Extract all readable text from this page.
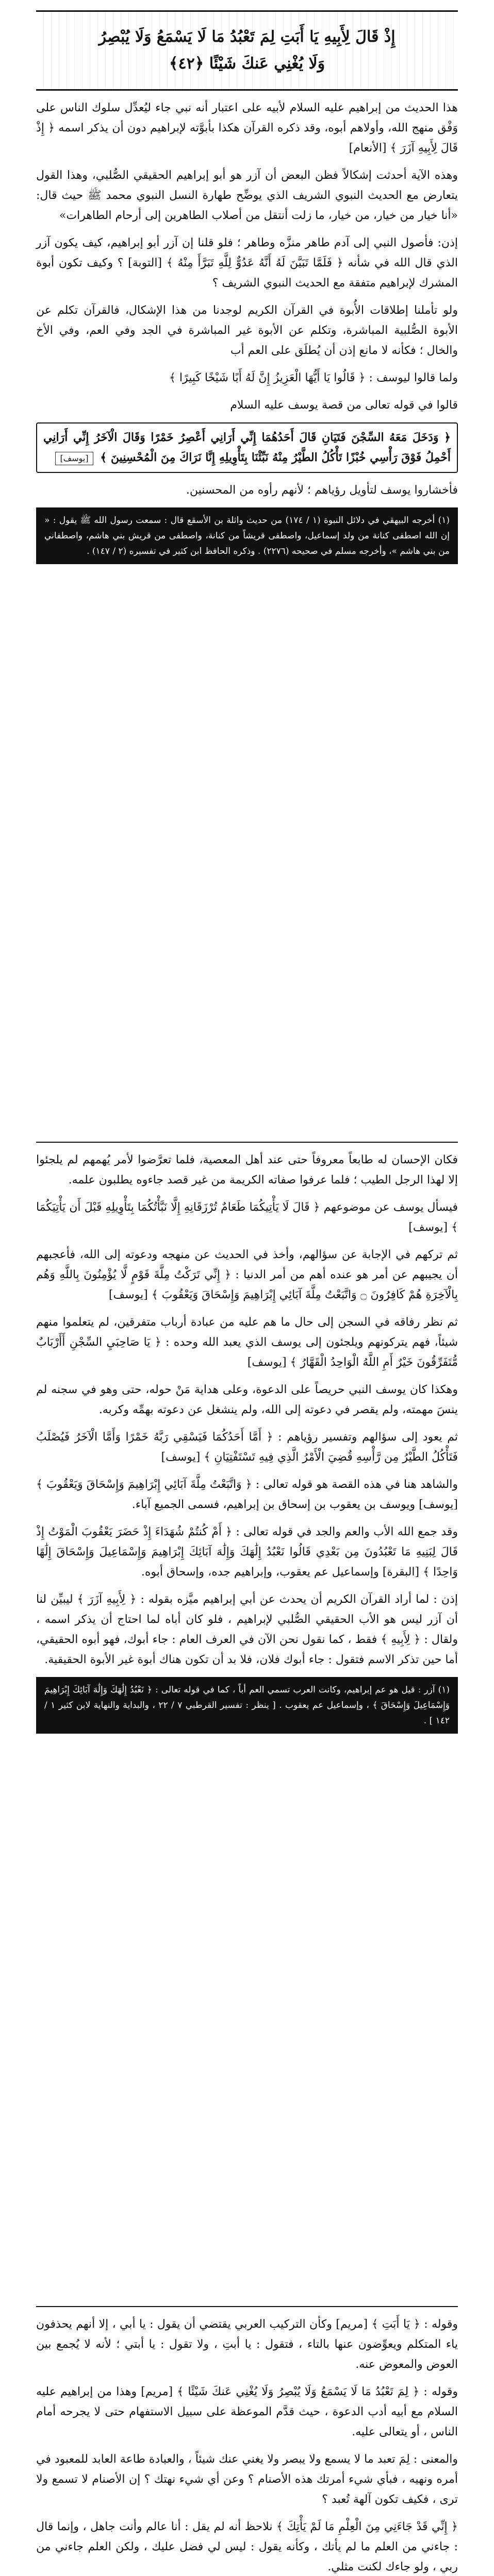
إِذْ قَالَ لِأَبِيهِ يَا أَبَتِ لِمَ تَعْبُدُ مَا لَا يَسْمَعُ وَلَا يُبْصِرُ
وَلَا يُغْنِي عَنكَ شَيْئًا ﴿٤٢﴾

هذا الحديث من إبراهيم عليه السلام لأبيه على اعتبار أنه نبي جاء ليُعدِّل سلوك الناس على وَفْق منهج الله، وأولاهم أبوه، وقد ذكره القرآن هكذا بأبوَّته لإبراهيم دون أن يذكر اسمه ﴿ إِذْ قَالَ لِأَبِيهِ آزَرَ ﴾ [الأنعام]

وهذه الآية أحدثت إشكالاً فظن البعض أن آزر هو أبو إبراهيم الحقيقي الصُّلبي، وهذا القول يتعارض مع الحديث النبوي الشريف الذي يوضِّح طهارة النسل النبوي محمد ﷺ حيث قال: «أنا خيار من خيار، من خيار، ما زلت أنتقل من أصلاب الطاهرين إلى أرحام الطاهرات»

إذن: فأصول النبي إلى آدم طاهر منزَّه وطاهر ؛ فلو قلنا إن آزر أبو إبراهيم، كيف يكون آزر الذي قال الله في شأنه ﴿ فَلَمَّا تَبَيَّنَ لَهُ أَنَّهُ عَدُوٌّ لِلَّهِ تَبَرَّأَ مِنْهُ ﴾ [التوبة] ؟ وكيف تكون أبوة المشرك لإبراهيم متفقة مع الحديث النبوي الشريف ؟

ولو تأملنا إطلاقات الأُبوة في القرآن الكريم لوجدنا من هذا الإشكال، فالقرآن تكلم عن الأبوة الصُّلبية المباشرة، وتكلم عن الأبوة غير المباشرة في الجد وفي العم، وفي الأخ والخال ؛ فكأنه لا مانع إذن أن يُطلَق على العم أب

ولما قالوا ليوسف : ﴿ قَالُوا يَا أَيُّهَا الْعَزِيزُ إِنَّ لَهُ أَبًا شَيْخًا كَبِيرًا ﴾

قالوا في قوله تعالى من قصة يوسف عليه السلام

﴿ وَدَخَلَ مَعَهُ السِّجْنَ فَتَيَانِ قَالَ أَحَدُهُمَا إِنِّي أَرَانِي أَعْصِرُ خَمْرًا وَقَالَ الْآخَرُ إِنِّي أَرَانِي أَحْمِلُ فَوْقَ رَأْسِي خُبْزًا تَأْكُلُ الطَّيْرُ مِنْهُ نَبِّئْنَا بِتَأْوِيلِهِ إِنَّا نَرَاكَ مِنَ الْمُحْسِنِينَ ﴾ [يوسف]

فأخشاروا يوسف لتأويل رؤياهم ؛ لأنهم رأوه من المحسنين.

(١) أخرجه البيهقي في دلائل النبوة (١ / ١٧٤) من حديث واثلة بن الأسقع قال : سمعت رسول الله ﷺ يقول : « إن الله اصطفى كنانة من ولد إسماعيل، واصطفى قريشاً من كنانة، واصطفى من قريش بني هاشم، واصطفاني من بني هاشم »، وأخرجه مسلم في صحيحه (٢٢٧٦) . وذكره الحافظ ابن كثير في تفسيره (٢ / ١٤٧) .

فكان الإحسان له طابعاً معروفاً حتى عند أهل المعصية، فلما تعرَّضوا لأمر يُهمهم لم يلجئوا إلا لهذا الرجل الطيب ؛ فلما عرفوا صفاته الكريمة من غير قصد جاءوه يطلبون علمه.

فيسأل يوسف عن موضوعهم ﴿ قَالَ لَا يَأْتِيكُمَا طَعَامٌ تُرْزَقَانِهِ إِلَّا نَبَّأْتُكُمَا بِتَأْوِيلِهِ قَبْلَ أَن يَأْتِيَكُمَا ﴾ [يوسف]

ثم تركهم في الإجابة عن سؤالهم، وأخذ في الحديث عن منهجه ودعوته إلى الله، فأعجبهم أن يجيبهم عن أمر هو عنده أهم من أمر الدنيا : ﴿ إِنِّي تَرَكْتُ مِلَّةَ قَوْمٍ لَّا يُؤْمِنُونَ بِاللَّهِ وَهُم بِالْآخِرَةِ هُمْ كَافِرُونَ ۝ وَاتَّبَعْتُ مِلَّةَ آبَائِي إِبْرَاهِيمَ وَإِسْحَاقَ وَيَعْقُوبَ ﴾ [يوسف]

ثم نظر رفاقه في السجن إلى حال ما هم عليه من عبادة أرباب متفرقين، لم يتعلموا منهم شيئاً، فهم يتركونهم ويلجئون إلى يوسف الذي يعبد الله وحده : ﴿ يَا صَاحِبَيِ السِّجْنِ أَأَرْبَابٌ مُّتَفَرِّقُونَ خَيْرٌ أَمِ اللَّهُ الْوَاحِدُ الْقَهَّارُ ﴾ [يوسف]

وهكذا كان يوسف النبي حريصاً على الدعوة، وعلى هداية مَنْ حوله، حتى وهو في سجنه لم ينسَ مهمته، ولم يقصر في دعوته إلى الله، ولم ينشغل عن دعوته بهمِّه وكربه.

ثم يعود إلى سؤالهم وتفسير رؤياهم : ﴿ أَمَّا أَحَدُكُمَا فَيَسْقِي رَبَّهُ خَمْرًا وَأَمَّا الْآخَرُ فَيُصْلَبُ فَتَأْكُلُ الطَّيْرُ مِن رَّأْسِهِ قُضِيَ الْأَمْرُ الَّذِي فِيهِ تَسْتَفْتِيَانِ ﴾ [يوسف]

والشاهد هنا في هذه القصة هو قوله تعالى : ﴿ وَاتَّبَعْتُ مِلَّةَ آبَائِي إِبْرَاهِيمَ وَإِسْحَاقَ وَيَعْقُوبَ ﴾ [يوسف] ويوسف بن يعقوب بن إسحاق بن إبراهيم، فسمى الجميع آباء.

وقد جمع الله الأب والعم والجد في قوله تعالى : ﴿ أَمْ كُنتُمْ شُهَدَاءَ إِذْ حَضَرَ يَعْقُوبَ الْمَوْتُ إِذْ قَالَ لِبَنِيهِ مَا تَعْبُدُونَ مِن بَعْدِي قَالُوا نَعْبُدُ إِلَٰهَكَ وَإِلَٰهَ آبَائِكَ إِبْرَاهِيمَ وَإِسْمَاعِيلَ وَإِسْحَاقَ إِلَٰهًا وَاحِدًا ﴾ [البقرة] وإسماعيل عم يعقوب، وإبراهيم جده، وإسحاق أبوه.

إذن : لما أراد القرآن الكريم أن يحدث عن أبي إبراهيم ميَّزه بقوله : ﴿ لِأَبِيهِ آزَرَ ﴾ ليبيِّن لنا أن آزر ليس هو الأب الحقيقي الصُّلبي لإبراهيم ، فلو كان أباه لما احتاج أن يذكر اسمه ، ولقال : ﴿ لِأَبِيهِ ﴾ فقط ، كما نقول نحن الآن في العرف العام : جاء أبوك، فهو أبوه الحقيقي، أما حين تذكر الاسم فتقول : جاء أبوك فلان، فلا بد أن تكون هناك أبوة غير الأبوة الحقيقية.

(١) آزر : قيل هو عم إبراهيم، وكانت العرب تسمي العم أباً ، كما في قوله تعالى : ﴿ نَعْبُدُ إِلَٰهَكَ وَإِلَٰهَ آبَائِكَ إِبْرَاهِيمَ وَإِسْمَاعِيلَ وَإِسْحَاقَ ﴾ ، وإسماعيل عم يعقوب . [ ينظر : تفسير القرطبي ٧ / ٢٢ ، والبداية والنهاية لابن كثير ١ / ١٤٢ ] .

وقوله : ﴿ يَا أَبَتِ ﴾ [مريم] وكأن التركيب العربي يقتضي أن يقول : يا أبي ، إلا أنهم يحذفون ياء المتكلم ويعوِّضون عنها بالتاء ، فتقول : يا أبتِ ، ولا تقول : يا أبتي ؛ لأنه لا يُجمع بين العوض والمعوض عنه.

وقوله : ﴿ لِمَ تَعْبُدُ مَا لَا يَسْمَعُ وَلَا يُبْصِرُ وَلَا يُغْنِي عَنكَ شَيْئًا ﴾ [مريم] وهذا من إبراهيم عليه السلام مع أبيه أدب الدعوة ، حيث قدَّم الموعظة على سبيل الاستفهام حتى لا يجرحه أمام الناس ، أو يتعالى عليه.

والمعنى : لِمَ تعبد ما لا يسمع ولا يبصر ولا يغني عنك شيئاً ، والعبادة طاعة العابد للمعبود في أمره ونهيه ، فبأي شيء أمرتك هذه الأصنام ؟ وعن أي شيء نهتك ؟ إن الأصنام لا تسمع ولا ترى ، فكيف تكون آلهة تُعبد ؟

﴿ إِنِّي قَدْ جَاءَنِي مِنَ الْعِلْمِ مَا لَمْ يَأْتِكَ ﴾ نلاحظ أنه لم يقل : أنا عالم وأنت جاهل ، وإنما قال : جاءني من العلم ما لم يأتك ، وكأنه يقول : ليس لي فضل عليك ، ولكن العلم جاءني من ربي ، ولو جاءك لكنت مثلي.
